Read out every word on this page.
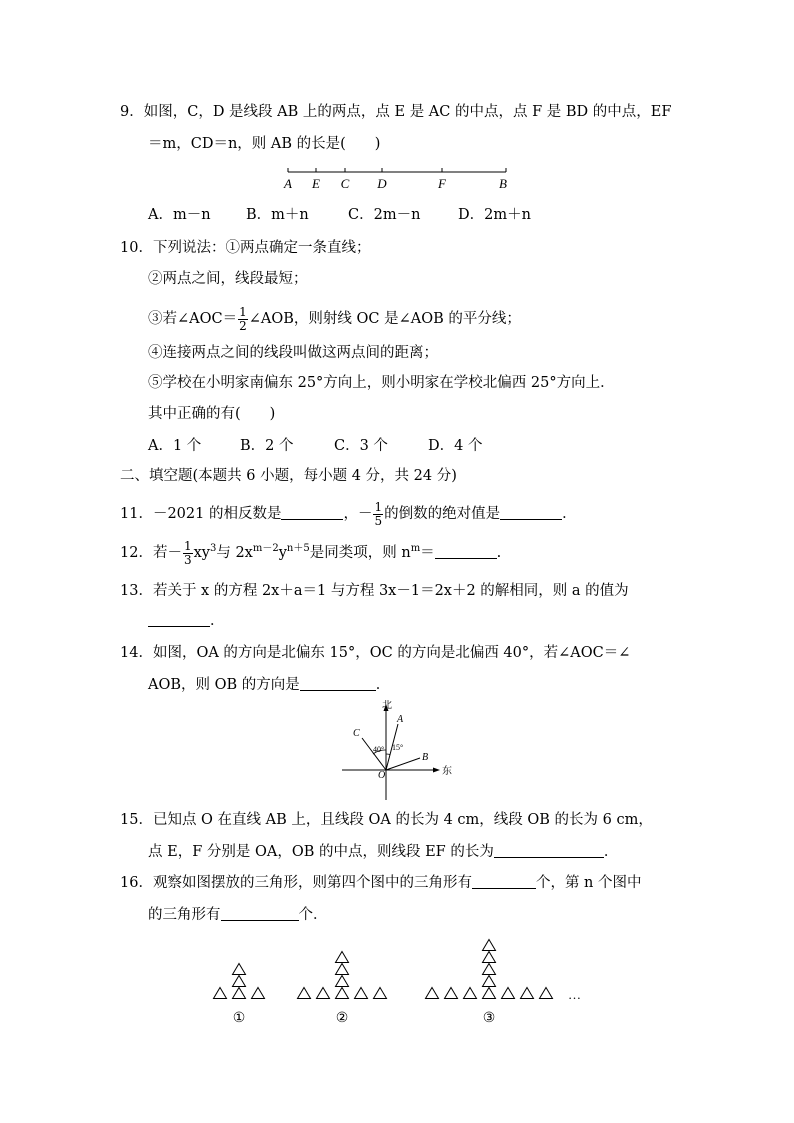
9．如图，C，D 是线段 AB 上的两点，点 E 是 AC 的中点，点 F 是 BD 的中点，EF
＝m，CD＝n，则 AB 的长是(　　)
A E C D	F	B
A．m－n B．m＋n	C．2m－n	D．2m＋n
10．下列说法：①两点确定一条直线；
②两点之间，线段最短；
③若∠AOC＝ $\frac{1}{2}$ ∠AOB，则射线 OC 是∠AOB 的平分线；
④连接两点之间的线段叫做这两点间的距离；
⑤学校在小明家南偏东 25°方向上，则小明家在学校北偏西 25°方向上．
其中正确的有(　　)
A．1 个	B．2 个	C．3 个	D．4 个
二、填空题(本题共 6 小题，每小题 4 分，共 24 分)
11．－2021 的相反数是	，－ $\frac{1}{5}$ 的倒数的绝对值是	．
12．若－ $\frac{1}{3} xy^3$与 $2x^{m-2}y^{n+5}$是同类项，则 $n^m=$	.
13．若关于 x 的方程 2x＋a＝1 与方程 3x－1＝2x＋2 的解相同，则 a 的值为
．
14．如图，OA 的方向是北偏东 15°，OC 的方向是北偏西 40°，若∠AOC＝∠
AOB，则 OB 的方向是	．
北
东
A
B
C
O
40° 15°
15．已知点 O 在直线 AB 上，且线段 OA 的长为 4 cm，线段 OB 的长为 6 cm，
点 E，F 分别是 OA，OB 的中点，则线段 EF 的长为	．
16．观察如图摆放的三角形，则第四个图中的三角形有	个，第 n 个图中
的三角形有	个．
…
①	②	③
